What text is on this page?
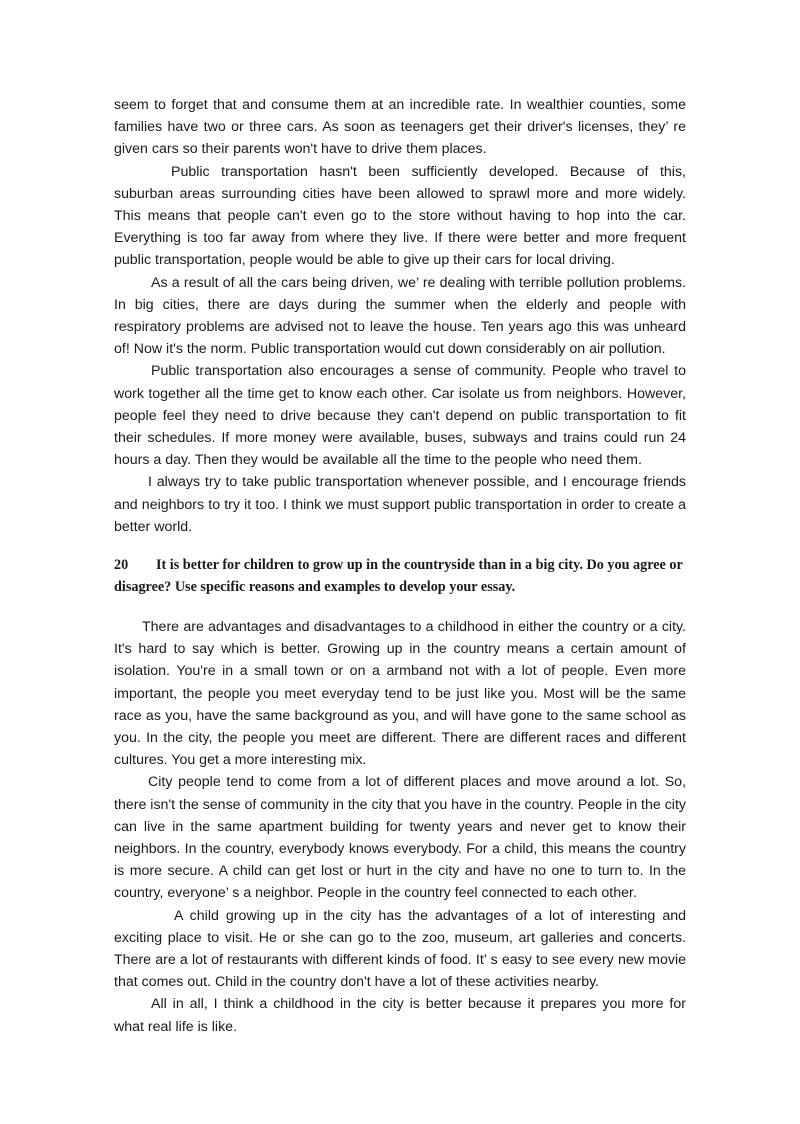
seem to forget that and consume them at an incredible rate. In wealthier counties, some families have two or three cars. As soon as teenagers get their driver's licenses, they’ re given cars so their parents won't have to drive them places.

Public transportation hasn't been sufficiently developed. Because of this, suburban areas surrounding cities have been allowed to sprawl more and more widely. This means that people can't even go to the store without having to hop into the car. Everything is too far away from where they live. If there were better and more frequent public transportation, people would be able to give up their cars for local driving.

As a result of all the cars being driven, we’ re dealing with terrible pollution problems. In big cities, there are days during the summer when the elderly and people with respiratory problems are advised not to leave the house. Ten years ago this was unheard of! Now it's the norm. Public transportation would cut down considerably on air pollution.

Public transportation also encourages a sense of community. People who travel to work together all the time get to know each other. Car isolate us from neighbors. However, people feel they need to drive because they can't depend on public transportation to fit their schedules. If more money were available, buses, subways and trains could run 24 hours a day. Then they would be available all the time to the people who need them.

I always try to take public transportation whenever possible, and I encourage friends and neighbors to try it too. I think we must support public transportation in order to create a better world.

20 It is better for children to grow up in the countryside than in a big city. Do you agree or disagree? Use specific reasons and examples to develop your essay.

There are advantages and disadvantages to a childhood in either the country or a city. It's hard to say which is better. Growing up in the country means a certain amount of isolation. You're in a small town or on a armband not with a lot of people. Even more important, the people you meet everyday tend to be just like you. Most will be the same race as you, have the same background as you, and will have gone to the same school as you. In the city, the people you meet are different. There are different races and different cultures. You get a more interesting mix.

City people tend to come from a lot of different places and move around a lot. So, there isn't the sense of community in the city that you have in the country. People in the city can live in the same apartment building for twenty years and never get to know their neighbors. In the country, everybody knows everybody. For a child, this means the country is more secure. A child can get lost or hurt in the city and have no one to turn to. In the country, everyone’ s a neighbor. People in the country feel connected to each other.

A child growing up in the city has the advantages of a lot of interesting and exciting place to visit. He or she can go to the zoo, museum, art galleries and concerts. There are a lot of restaurants with different kinds of food. It’ s easy to see every new movie that comes out. Child in the country don't have a lot of these activities nearby.

All in all, I think a childhood in the city is better because it prepares you more for what real life is like.
